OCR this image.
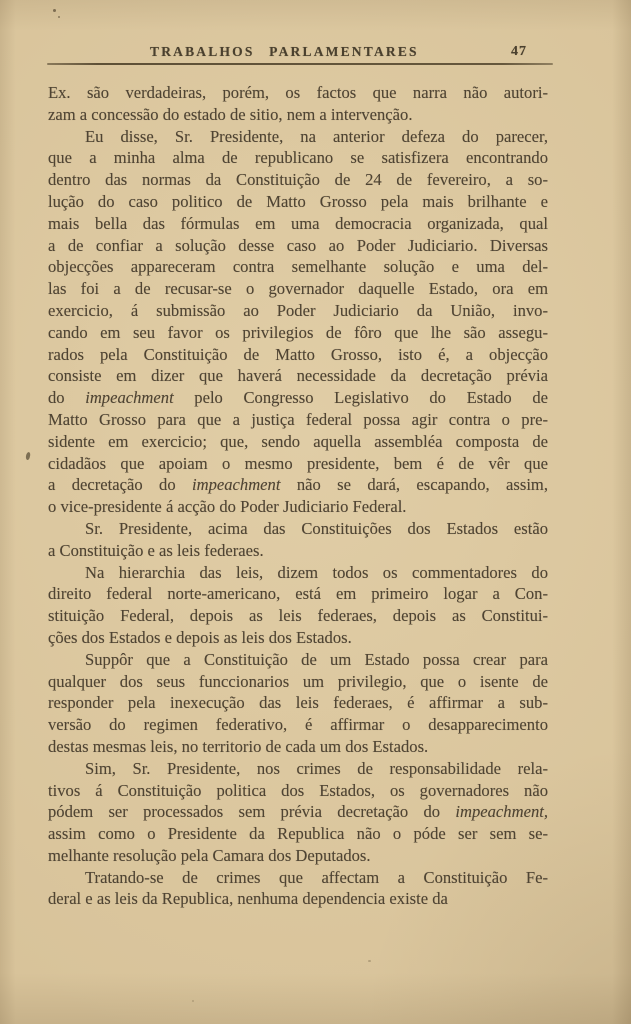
TRABALHOS PARLAMENTARES	47
Ex. são verdadeiras, porém, os factos que narra não autori-
zam a concessão do estado de sitio, nem a intervenção.
Eu disse, Sr. Presidente, na anterior defeza do parecer,
que a minha alma de republicano se satisfizera encontrando
dentro das normas da Constituição de 24 de fevereiro, a so-
lução do caso politico de Matto Grosso pela mais brilhante e
mais bella das fórmulas em uma democracia organizada, qual
a de confiar a solução desse caso ao Poder Judiciario. Diversas
objecções appareceram contra semelhante solução e uma del-
las foi a de recusar-se o governador daquelle Estado, ora em
exercicio, á submissão ao Poder Judiciario da União, invo-
cando em seu favor os privilegios de fôro que lhe são assegu-
rados pela Constituição de Matto Grosso, isto é, a objecção
consiste em dizer que haverá necessidade da decretação prévia
do impeachment pelo Congresso Legislativo do Estado de
Matto Grosso para que a justiça federal possa agir contra o pre-
sidente em exercicio; que, sendo aquella assembléa composta de
cidadãos que apoiam o mesmo presidente, bem é de vêr que
a decretação do impeachment não se dará, escapando, assim,
o vice-presidente á acção do Poder Judiciario Federal.
Sr. Presidente, acima das Constituições dos Estados estão
a Constituição e as leis federaes.
Na hierarchia das leis, dizem todos os commentadores do
direito federal norte-americano, está em primeiro logar a Con-
stituição Federal, depois as leis federaes, depois as Constitui-
ções dos Estados e depois as leis dos Estados.
Suppôr que a Constituição de um Estado possa crear para
qualquer dos seus funccionarios um privilegio, que o isente de
responder pela inexecução das leis federaes, é affirmar a sub-
versão do regimen federativo, é affirmar o desapparecimento
destas mesmas leis, no territorio de cada um dos Estados.
Sim, Sr. Presidente, nos crimes de responsabilidade rela-
tivos á Constituição politica dos Estados, os governadores não
pódem ser processados sem prévia decretação do impeachment,
assim como o Presidente da Republica não o póde ser sem se-
melhante resolução pela Camara dos Deputados.
Tratando-se de crimes que affectam a Constituição Fe-
deral e as leis da Republica, nenhuma dependencia existe da
